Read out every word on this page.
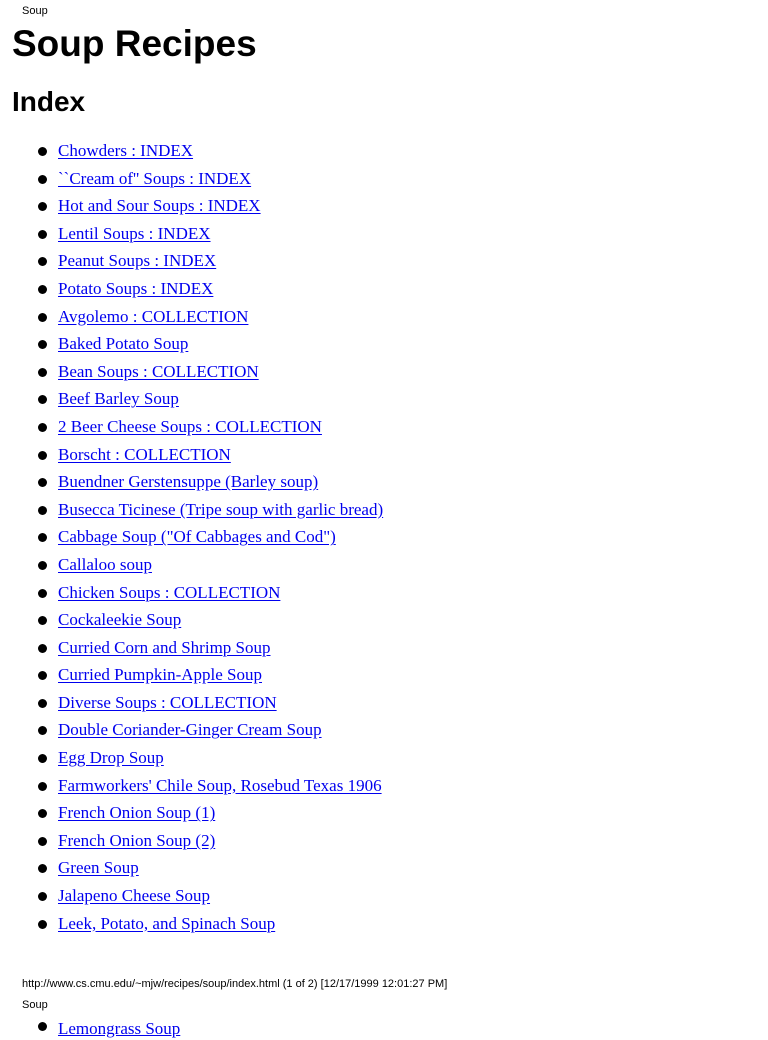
Soup
Soup Recipes
Index
Chowders : INDEX
``Cream of'' Soups : INDEX
Hot and Sour Soups : INDEX
Lentil Soups : INDEX
Peanut Soups : INDEX
Potato Soups : INDEX
Avgolemo : COLLECTION
Baked Potato Soup
Bean Soups : COLLECTION
Beef Barley Soup
2 Beer Cheese Soups : COLLECTION
Borscht : COLLECTION
Buendner Gerstensuppe (Barley soup)
Busecca Ticinese (Tripe soup with garlic bread)
Cabbage Soup ("Of Cabbages and Cod")
Callaloo soup
Chicken Soups : COLLECTION
Cockaleekie Soup
Curried Corn and Shrimp Soup
Curried Pumpkin-Apple Soup
Diverse Soups : COLLECTION
Double Coriander-Ginger Cream Soup
Egg Drop Soup
Farmworkers' Chile Soup, Rosebud Texas 1906
French Onion Soup (1)
French Onion Soup (2)
Green Soup
Jalapeno Cheese Soup
Leek, Potato, and Spinach Soup
http://www.cs.cmu.edu/~mjw/recipes/soup/index.html (1 of 2) [12/17/1999 12:01:27 PM]
Soup
Lemongrass Soup
